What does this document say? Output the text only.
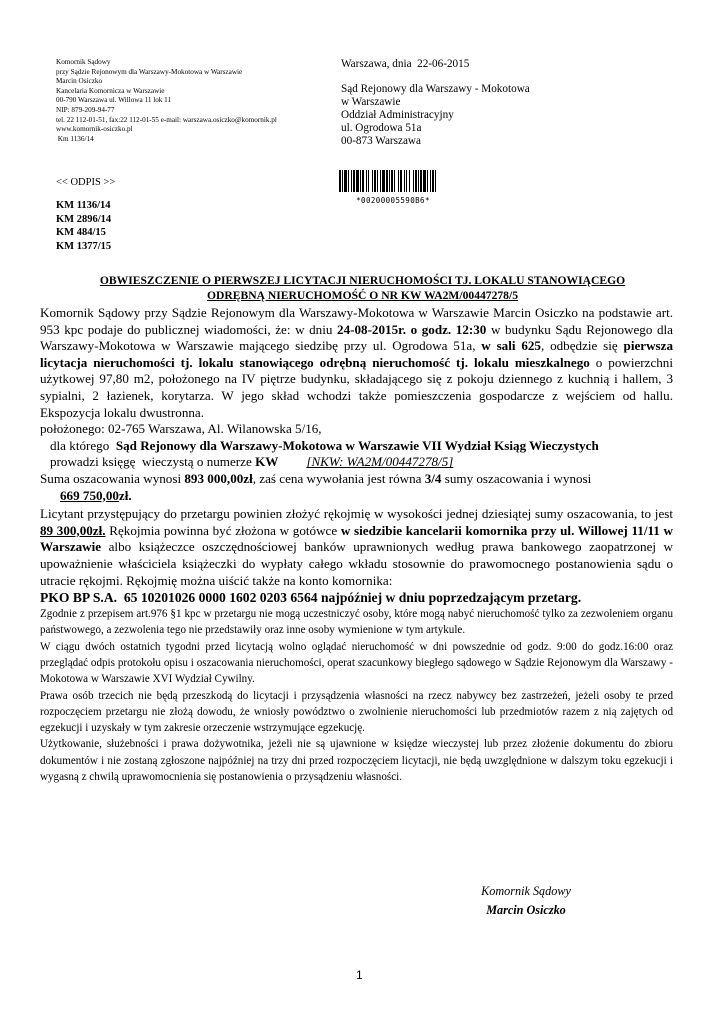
Komornik Sądowy
przy Sądzie Rejonowym dla Warszawy-Mokotowa w Warszawie
Marcin Osiczko
Kancelaria Komornicza w Warszawie
00-790 Warszawa ul. Willowa 11 lok 11
NIP: 879-209-94-77
tel. 22 112-01-51, fax:22 112-01-55 e-mail: warszawa.osiczko@komornik.pl
www.komornik-osiczko.pl
Km 1136/14
Warszawa, dnia  22-06-2015
Sąd Rejonowy dla Warszawy - Mokotowa
w Warszawie
Oddział Administracyjny
ul. Ogrodowa 51a
00-873 Warszawa
<< ODPIS >>
*00200005590B6*
KM 1136/14
KM 2896/14
KM 484/15
KM 1377/15
OBWIESZCZENIE O PIERWSZEJ LICYTACJI NIERUCHOMOŚCI TJ. LOKALU STANOWIĄCEGO
ODRĘBNĄ NIERUCHOMOŚĆ O NR KW WA2M/00447278/5

Komornik Sądowy przy Sądzie Rejonowym dla Warszawy-Mokotowa w Warszawie Marcin Osiczko na podstawie art. 953 kpc podaje do publicznej wiadomości, że: w dniu 24-08-2015r. o godz. 12:30 w budynku Sądu Rejonowego dla Warszawy-Mokotowa w Warszawie mającego siedzibę przy ul. Ogrodowa 51a, w sali 625, odbędzie się pierwsza licytacja nieruchomości tj. lokalu stanowiącego odrębną nieruchomość tj. lokalu mieszkalnego o powierzchni użytkowej 97,80 m2, położonego na IV piętrze budynku, składającego się z pokoju dziennego z kuchnią i hallem, 3 sypialni, 2 łazienek, korytarza. W jego skład wchodzi także pomieszczenia gospodarcze z wejściem od hallu. Ekspozycja lokalu dwustronna.

położonego: 02-765 Warszawa, Al. Wilanowska 5/16,

dla którego  Sąd Rejonowy dla Warszawy-Mokotowa w Warszawie VII Wydział Ksiąg Wieczystych

prowadzi księgę  wieczystą o numerze KW [NKW: WA2M/00447278/5]

Suma oszacowania wynosi 893 000,00zł, zaś cena wywołania jest równa 3/4 sumy oszacowania i wynosi

669 750,00zł.

Licytant przystępujący do przetargu powinien złożyć rękojmię w wysokości jednej dziesiątej sumy oszacowania, to jest 89 300,00zł. Rękojmia powinna być złożona w gotówce w siedzibie kancelarii komornika przy ul. Willowej 11/11 w Warszawie albo książeczce oszczędnościowej banków uprawnionych według prawa bankowego zaopatrzonej w upoważnienie właściciela książeczki do wypłaty całego wkładu stosownie do prawomocnego postanowienia sądu o utracie rękojmi. Rękojmię można uiścić także na konto komornika:

PKO BP S.A.  65 10201026 0000 1602 0203 6564 najpóźniej w dniu poprzedzającym przetarg.

Zgodnie z przepisem art.976 §1 kpc w przetargu nie mogą uczestniczyć osoby, które mogą nabyć nieruchomość tylko za zezwoleniem organu państwowego, a zezwolenia tego nie przedstawiły oraz inne osoby wymienione w tym artykule.

W ciągu dwóch ostatnich tygodni przed licytacją wolno oglądać nieruchomość w dni powszednie od godz. 9:00 do godz.16:00 oraz przeglądać odpis protokołu opisu i oszacowania nieruchomości, operat szacunkowy biegłego sądowego w Sądzie Rejonowym dla Warszawy - Mokotowa w Warszawie XVI Wydział Cywilny.

Prawa osób trzecich nie będą przeszkodą do licytacji i przysądzenia własności na rzecz nabywcy bez zastrzeżeń, jeżeli osoby te przed rozpoczęciem przetargu nie złożą dowodu, że wniosły powództwo o zwolnienie nieruchomości lub przedmiotów razem z nią zajętych od egzekucji i uzyskały w tym zakresie orzeczenie wstrzymujące egzekucję.

Użytkowanie, służebności i prawa dożywotnika, jeżeli nie są ujawnione w księdze wieczystej lub przez złożenie dokumentu do zbioru dokumentów i nie zostaną zgłoszone najpóźniej na trzy dni przed rozpoczęciem licytacji, nie będą uwzględnione w dalszym toku egzekucji i wygasną z chwilą uprawomocnienia się postanowienia o przysądzeniu własności.

Komornik Sądowy
Marcin Osiczko
1
